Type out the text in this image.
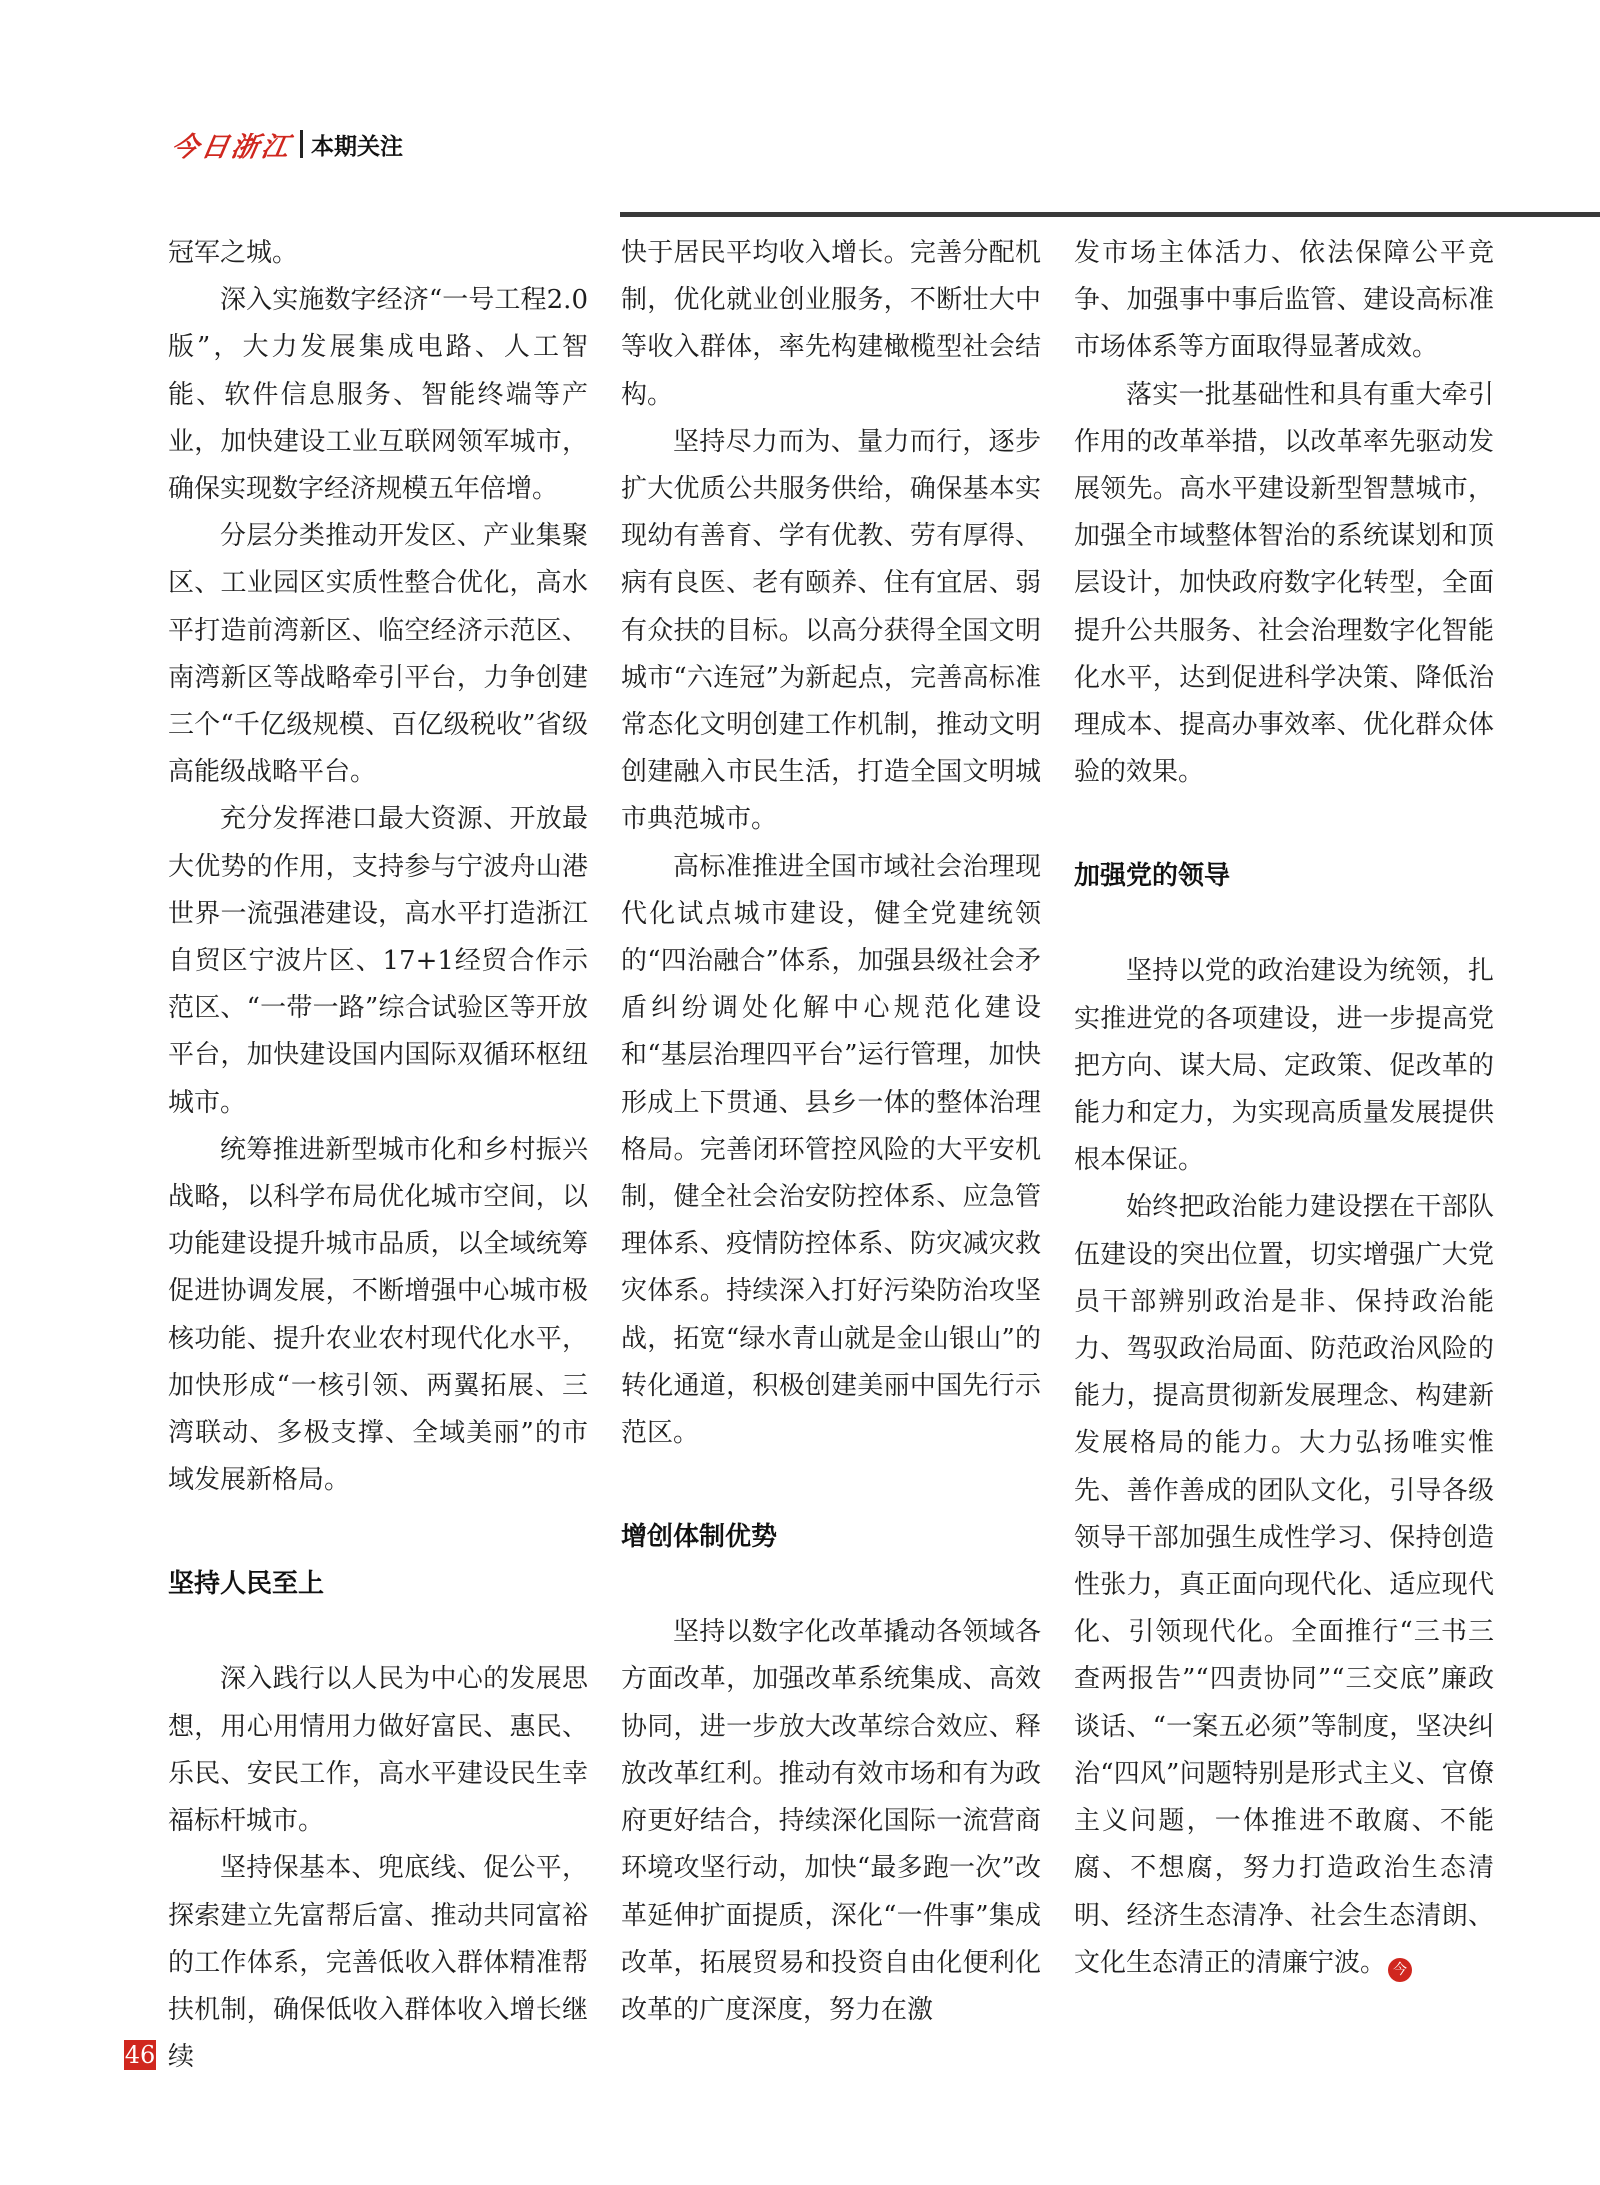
今日浙江 本期关注

冠军之城。

深入实施数字经济“一号工程2.0版”，大力发展集成电路、人工智能、软件信息服务、智能终端等产业，加快建设工业互联网领军城市，确保实现数字经济规模五年倍增。

分层分类推动开发区、产业集聚区、工业园区实质性整合优化，高水平打造前湾新区、临空经济示范区、南湾新区等战略牵引平台，力争创建三个“千亿级规模、百亿级税收”省级高能级战略平台。

充分发挥港口最大资源、开放最大优势的作用，支持参与宁波舟山港世界一流强港建设，高水平打造浙江自贸区宁波片区、17+1经贸合作示范区、“一带一路”综合试验区等开放平台，加快建设国内国际双循环枢纽城市。

统筹推进新型城市化和乡村振兴战略，以科学布局优化城市空间，以功能建设提升城市品质，以全域统筹促进协调发展，不断增强中心城市极核功能、提升农业农村现代化水平，加快形成“一核引领、两翼拓展、三湾联动、多极支撑、全域美丽”的市域发展新格局。

坚持人民至上

深入践行以人民为中心的发展思想，用心用情用力做好富民、惠民、乐民、安民工作，高水平建设民生幸福标杆城市。

坚持保基本、兜底线、促公平，探索建立先富帮后富、推动共同富裕的工作体系，完善低收入群体精准帮扶机制，确保低收入群体收入增长继续

快于居民平均收入增长。完善分配机制，优化就业创业服务，不断壮大中等收入群体，率先构建橄榄型社会结构。

坚持尽力而为、量力而行，逐步扩大优质公共服务供给，确保基本实现幼有善育、学有优教、劳有厚得、病有良医、老有颐养、住有宜居、弱有众扶的目标。以高分获得全国文明城市“六连冠”为新起点，完善高标准常态化文明创建工作机制，推动文明创建融入市民生活，打造全国文明城市典范城市。

高标准推进全国市域社会治理现代化试点城市建设，健全党建统领的“四治融合”体系，加强县级社会矛盾纠纷调处化解中心规范化建设和“基层治理四平台”运行管理，加快形成上下贯通、县乡一体的整体治理格局。完善闭环管控风险的大平安机制，健全社会治安防控体系、应急管理体系、疫情防控体系、防灾减灾救灾体系。持续深入打好污染防治攻坚战，拓宽“绿水青山就是金山银山”的转化通道，积极创建美丽中国先行示范区。

增创体制优势

坚持以数字化改革撬动各领域各方面改革，加强改革系统集成、高效协同，进一步放大改革综合效应、释放改革红利。推动有效市场和有为政府更好结合，持续深化国际一流营商环境攻坚行动，加快“最多跑一次”改革延伸扩面提质，深化“一件事”集成改革，拓展贸易和投资自由化便利化改革的广度深度，努力在激

发市场主体活力、依法保障公平竞争、加强事中事后监管、建设高标准市场体系等方面取得显著成效。

落实一批基础性和具有重大牵引作用的改革举措，以改革率先驱动发展领先。高水平建设新型智慧城市，加强全市域整体智治的系统谋划和顶层设计，加快政府数字化转型，全面提升公共服务、社会治理数字化智能化水平，达到促进科学决策、降低治理成本、提高办事效率、优化群众体验的效果。

加强党的领导

坚持以党的政治建设为统领，扎实推进党的各项建设，进一步提高党把方向、谋大局、定政策、促改革的能力和定力，为实现高质量发展提供根本保证。

始终把政治能力建设摆在干部队伍建设的突出位置，切实增强广大党员干部辨别政治是非、保持政治能力、驾驭政治局面、防范政治风险的能力，提高贯彻新发展理念、构建新发展格局的能力。大力弘扬唯实惟先、善作善成的团队文化，引导各级领导干部加强生成性学习、保持创造性张力，真正面向现代化、适应现代化、引领现代化。全面推行“三书三查两报告”“四责协同”“三交底”廉政谈话、“一案五必须”等制度，坚决纠治“四风”问题特别是形式主义、官僚主义问题，一体推进不敢腐、不能腐、不想腐，努力打造政治生态清明、经济生态清净、社会生态清朗、文化生态清正的清廉宁波。 今

46
